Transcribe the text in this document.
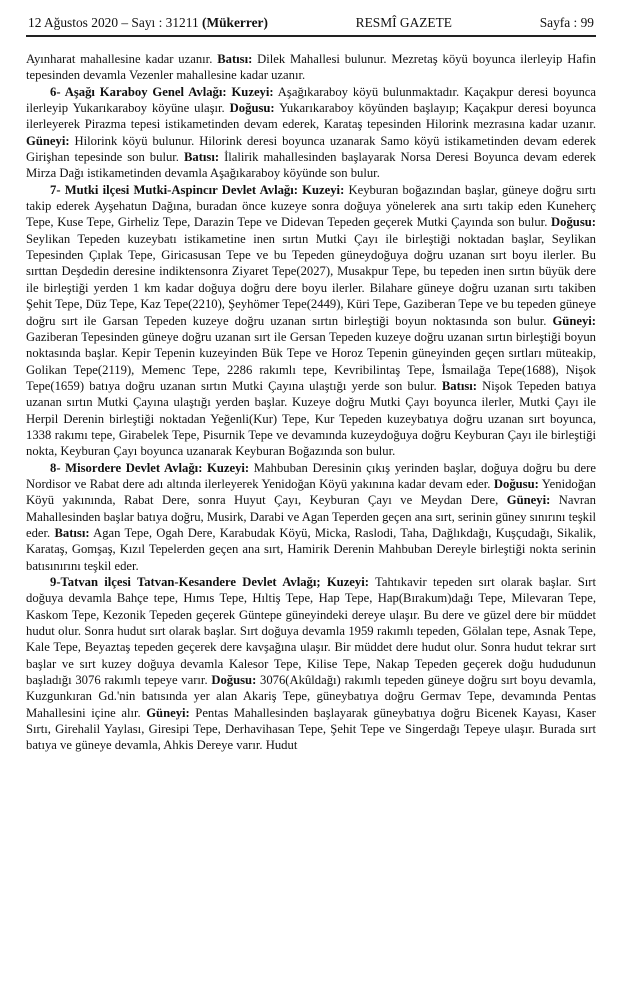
12 Ağustos 2020 – Sayı : 31211 (Mükerrer)	RESMÎ GAZETE	Sayfa : 99

Ayınharat mahallesine kadar uzanır. Batısı: Dilek Mahallesi bulunur. Mezretaş köyü boyunca ilerleyip Hafin tepesinden devamla Vezenler mahallesine kadar uzanır.

6- Aşağı Karaboy Genel Avlağı: Kuzeyi: Aşağıkaraboy köyü bulunmaktadır. Kaçakpur deresi boyunca ilerleyip Yukarıkaraboy köyüne ulaşır. Doğusu: Yukarıkaraboy köyünden başlayıp; Kaçakpur deresi boyunca ilerleyerek Pirazma tepesi istikametinden devam ederek, Karataş tepesinden Hilorink mezrasına kadar uzanır. Güneyi: Hilorink köyü bulunur. Hilorink deresi boyunca uzanarak Samo köyü istikametinden devam ederek Girişhan tepesinde son bulur. Batısı: İlalirik mahallesinden başlayarak Norsa Deresi Boyunca devam ederek Mirza Dağı istikametinden devamla Aşağıkaraboy köyünde son bulur.

7- Mutki ilçesi Mutki-Aspincır Devlet Avlağı: Kuzeyi: Keyburan boğazından başlar, güneye doğru sırtı takip ederek Ayşehatun Dağına, buradan önce kuzeye sonra doğuya yönelerek ana sırtı takip eden Kuneherç Tepe, Kuse Tepe, Girheliz Tepe, Darazin Tepe ve Didevan Tepeden geçerek Mutki Çayında son bulur. Doğusu: Seylikan Tepeden kuzeybatı istikametine inen sırtın Mutki Çayı ile birleştiği noktadan başlar, Seylikan Tepesinden Çıplak Tepe, Giricasusan Tepe ve bu Tepeden güneydoğuya doğru uzanan sırt boyu ilerler. Bu sırttan Deşdedin deresine indiktensonra Ziyaret Tepe(2027), Musakpur Tepe, bu tepeden inen sırtın büyük dere ile birleştiği yerden 1 km kadar doğuya doğru dere boyu ilerler. Bilahare güneye doğru uzanan sırtı takiben Şehit Tepe, Düz Tepe, Kaz Tepe(2210), Şeyhömer Tepe(2449), Küri Tepe, Gaziberan Tepe ve bu tepeden güneye doğru sırt ile Garsan Tepeden kuzeye doğru uzanan sırtın birleştiği boyun noktasında son bulur. Güneyi: Gaziberan Tepesinden güneye doğru uzanan sırt ile Gersan Tepeden kuzeye doğru uzanan sırtın birleştiği boyun noktasında başlar. Kepir Tepenin kuzeyinden Bük Tepe ve Horoz Tepenin güneyinden geçen sırtları müteakip, Golikan Tepe(2119), Memenc Tepe, 2286 rakımlı tepe, Kevribilintaş Tepe, İsmailağa Tepe(1688), Nişok Tepe(1659) batıya doğru uzanan sırtın Mutki Çayına ulaştığı yerde son bulur. Batısı: Nişok Tepeden batıya uzanan sırtın Mutki Çayına ulaştığı yerden başlar. Kuzeye doğru Mutki Çayı boyunca ilerler, Mutki Çayı ile Herpil Derenin birleştiği noktadan Yeğenli(Kur) Tepe, Kur Tepeden kuzeybatıya doğru uzanan sırt boyunca, 1338 rakımı tepe, Girabelek Tepe, Pisurnik Tepe ve devamında kuzeydoğuya doğru Keyburan Çayı ile birleştiği nokta, Keyburan Çayı boyunca uzanarak Keyburan Boğazında son bulur.

8- Misordere Devlet Avlağı: Kuzeyi: Mahbuban Deresinin çıkış yerinden başlar, doğuya doğru bu dere Nordisor ve Rabat dere adı altında ilerleyerek Yenidoğan Köyü yakınına kadar devam eder. Doğusu: Yenidoğan Köyü yakınında, Rabat Dere, sonra Huyut Çayı, Keyburan Çayı ve Meydan Dere, Güneyi: Navran Mahallesinden başlar batıya doğru, Musirk, Darabi ve Agan Teperden geçen ana sırt, serinin güney sınırını teşkil eder. Batısı: Agan Tepe, Ogah Dere, Karabudak Köyü, Micka, Raslodi, Taha, Dağlıkdağı, Kuşçudağı, Sikalik, Karataş, Gomşaş, Kızıl Tepelerden geçen ana sırt, Hamirik Derenin Mahbuban Dereyle birleştiği nokta serinin batısınırını teşkil eder.

9-Tatvan ilçesi Tatvan-Kesandere Devlet Avlağı; Kuzeyi: Tahtıkavir tepeden sırt olarak başlar. Sırt doğuya devamla Bahçe tepe, Hımıs Tepe, Hıltiş Tepe, Hap Tepe, Hap(Bırakum)dağı Tepe, Milevaran Tepe, Kaskom Tepe, Kezonik Tepeden geçerek Güntepe güneyindeki dereye ulaşır. Bu dere ve güzel dere bir müddet hudut olur. Sonra hudut sırt olarak başlar. Sırt doğuya devamla 1959 rakımlı tepeden, Gölalan tepe, Asnak Tepe, Kale Tepe, Beyaztaş tepeden geçerek dere kavşağına ulaşır. Bir müddet dere hudut olur. Sonra hudut tekrar sırt başlar ve sırt kuzey doğuya devamla Kalesor Tepe, Kilise Tepe, Nakap Tepeden geçerek doğu hududunun başladığı 3076 rakımlı tepeye varır. Doğusu: 3076(Akûldağı) rakımlı tepeden güneye doğru sırt boyu devamla, Kuzgunkıran Gd.'nin batısında yer alan Akariş Tepe, güneybatıya doğru Germav Tepe, devamında Pentas Mahallesini içine alır. Güneyi: Pentas Mahallesinden başlayarak güneybatıya doğru Bicenek Kayası, Kaser Sırtı, Girehalil Yaylası, Giresipi Tepe, Derhavihasan Tepe, Şehit Tepe ve Singerdağı Tepeye ulaşır. Burada sırt batıya ve güneye devamla, Ahkis Dereye varır. Hudut
